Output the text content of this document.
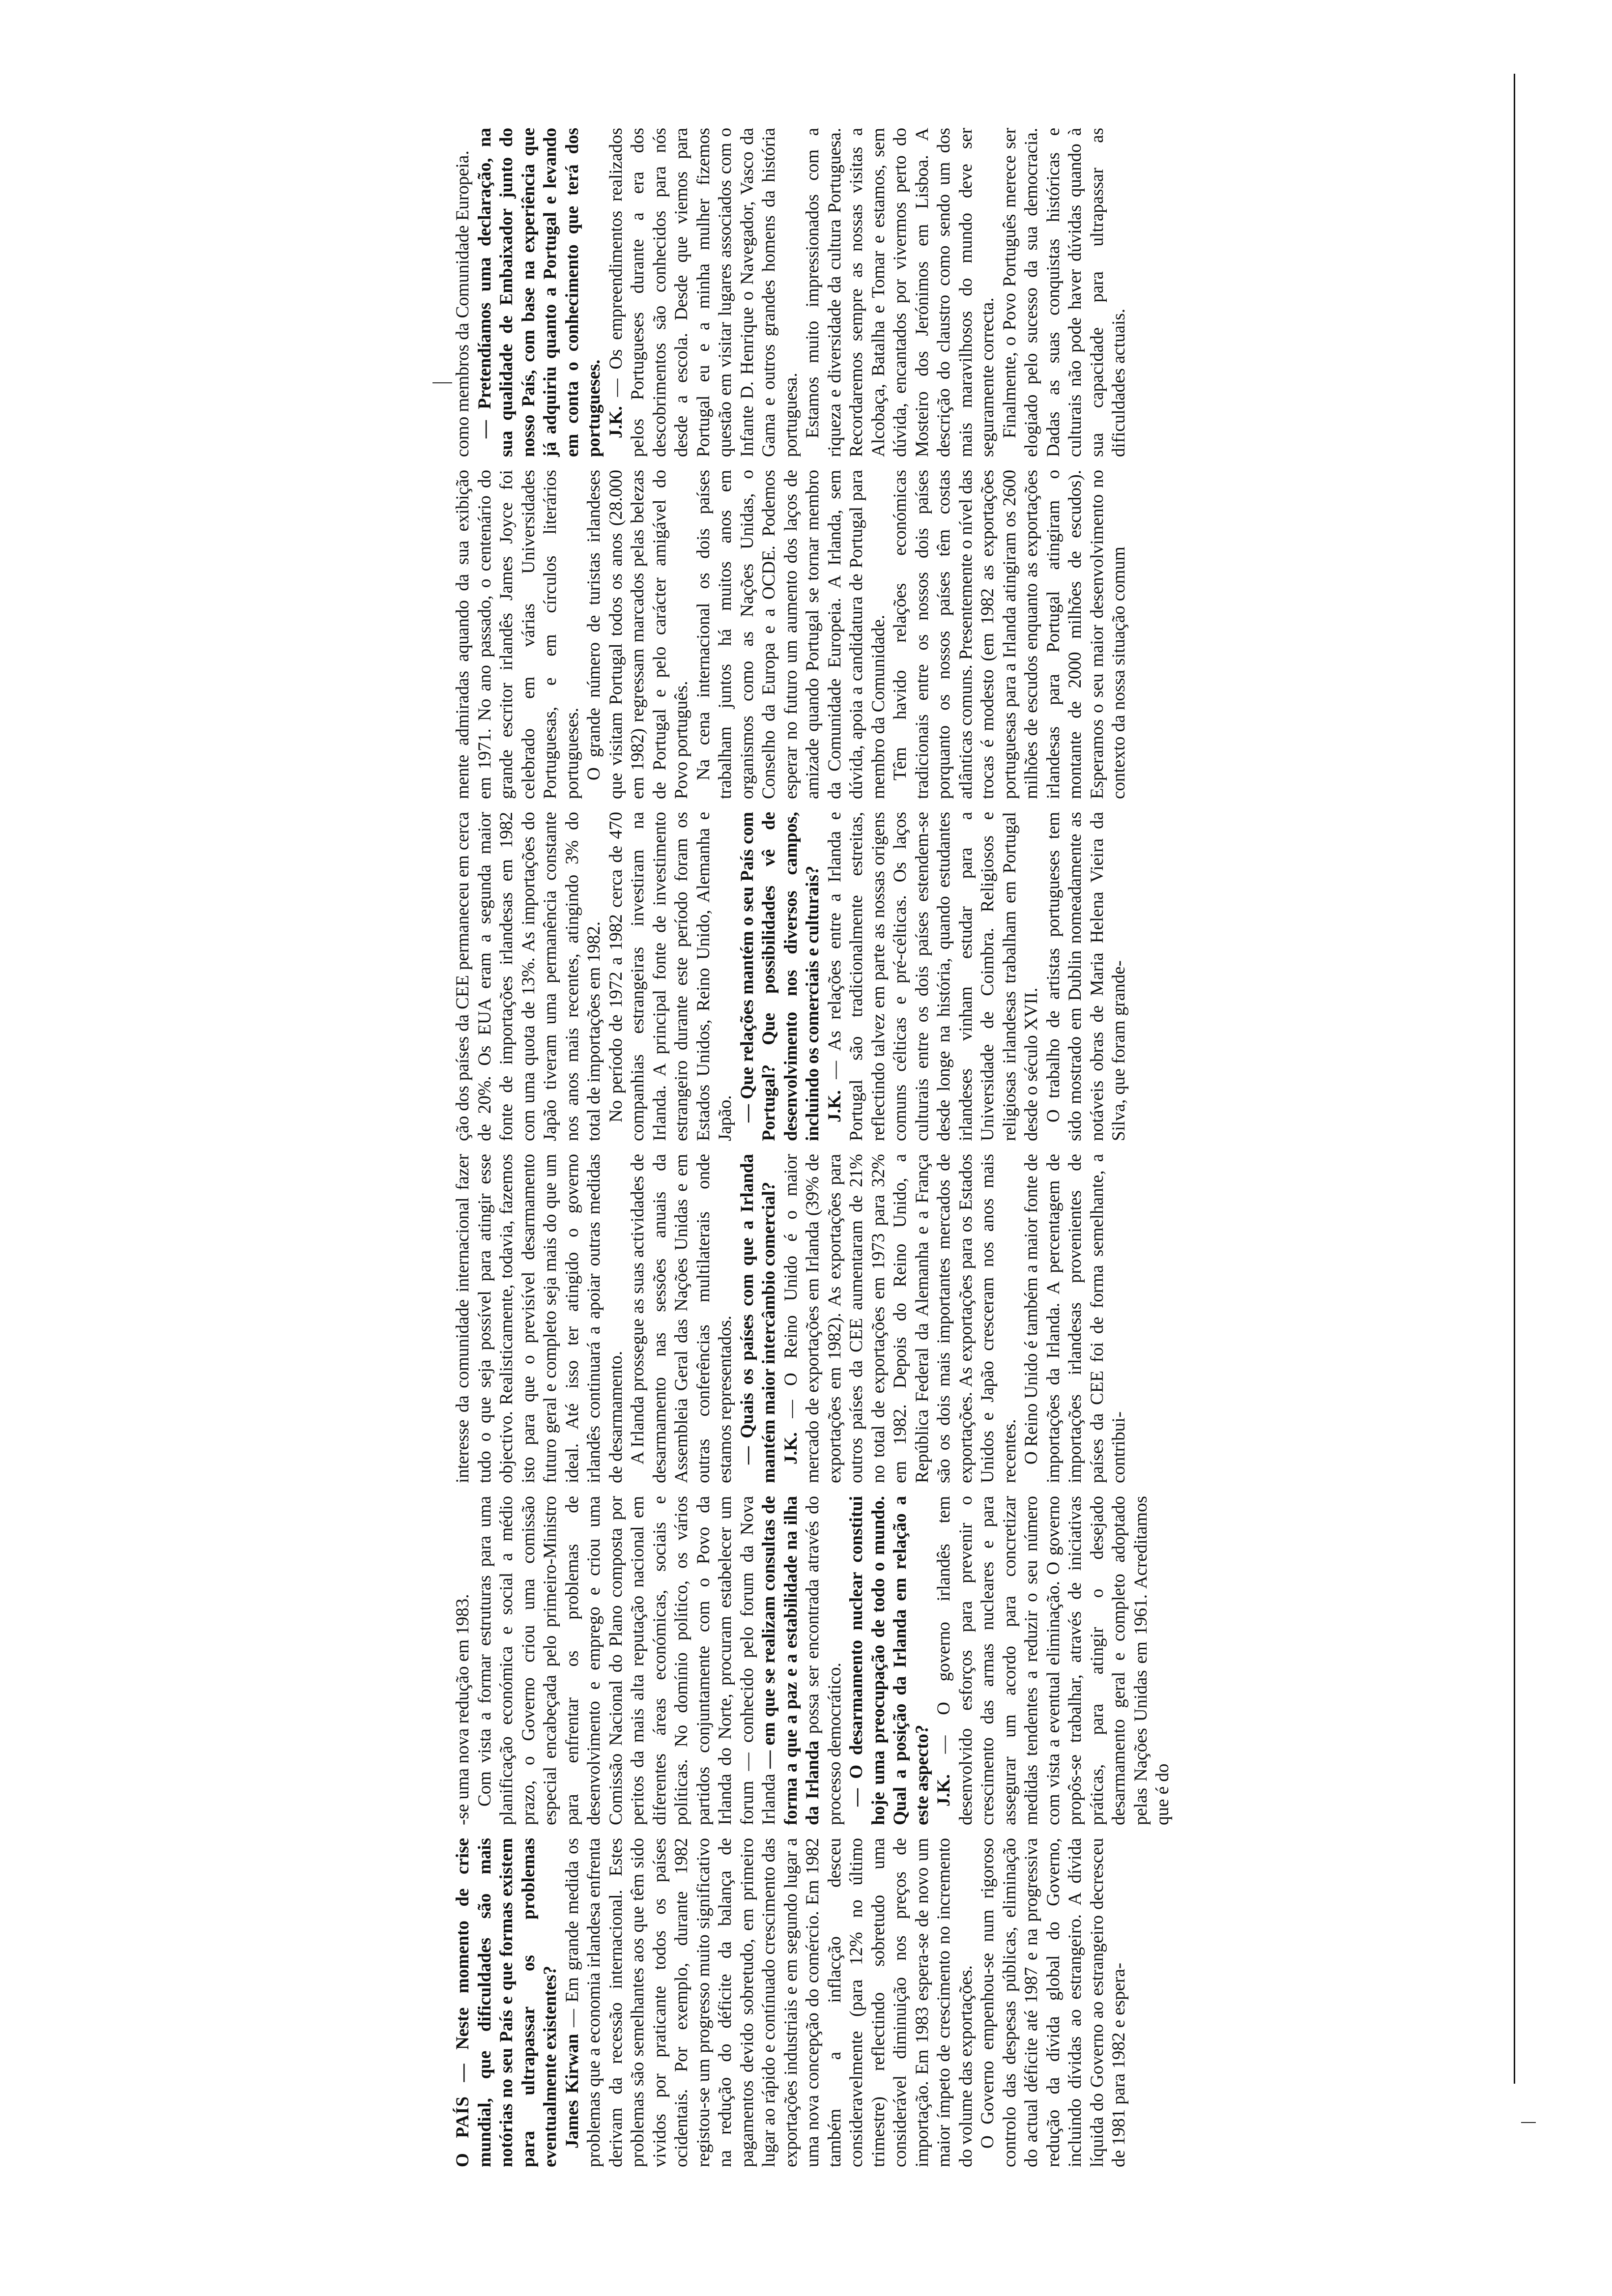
O PAÍS — Neste momento de crise mundial, que dificuldades são mais notórias no seu País e que formas existem para ultrapassar os problemas eventualmente existentes? James Kirwan — Em grande medida os problemas que a economia irlandesa enfrenta derivam da recessão internacional. Estes problemas são semelhantes aos que têm sido vividos por praticante todos os países ocidentais. Por exemplo, durante 1982 registou-se um progresso muito significativo na redução do déficite da balança de pagamentos devido sobretudo, em primeiro lugar ao rápido e contínuado crescimento das exportações industriais e em segundo lugar a uma nova concepção do comércio. Em 1982 também a inflacção desceu consideravelmente (para 12% no último trimestre) reflectindo sobretudo uma considerável diminuição nos preços de importação. Em 1983 espera-se de novo um maior ímpeto de crescimento no incremento do volume das exportações. O Governo empenhou-se num rigoroso controlo das despesas públicas, eliminação do actual déficite até 1987 e na progressiva redução da dívida global do Governo, incluindo dívidas ao estrangeiro. A dívida líquida do Governo ao estrangeiro decresceu de 1981 para 1982 e espera-

-se uma nova redução em 1983. Com vista a formar estruturas para uma planificação económica e social a médio prazo, o Governo criou uma comissão especial encabeçada pelo primeiro-Ministro para enfrentar os problemas de desenvolvimento e emprego e criou uma Comissão Nacional do Plano composta por peritos da mais alta reputação nacional em diferentes áreas económicas, sociais e políticas. No domínio político, os vários partidos conjuntamente com o Povo da Irlanda do Norte, procuram estabelecer um forum — conhecido pelo forum da Nova Irlanda — em que se realizam consultas de forma a que a paz e a estabilidade na ilha da Irlanda possa ser encontrada através do processo democrático. — O desarmamento nuclear constitui hoje uma preocupação de todo o mundo. Qual a posição da Irlanda em relação a este aspecto? J.K. — O governo irlandês tem desenvolvido esforços para prevenir o crescimento das armas nucleares e para assegurar um acordo para concretizar medidas tendentes a reduzir o seu número com vista a eventual eliminação. O governo propôs-se trabalhar, através de iniciativas práticas, para atingir o desejado desarmamento geral e completo adoptado pelas Nações Unidas em 1961. Acreditamos que é do

interesse da comunidade internacional fazer tudo o que seja possível para atingir esse objectivo. Realisticamente, todavia, fazemos isto para que o previsível desarmamento futuro geral e completo seja mais do que um ideal. Até isso ter atingido o governo irlandês continuará a apoiar outras medidas de desarmamento. A Irlanda prossegue as suas actividades de desarmamento nas sessões anuais da Assembleia Geral das Nações Unidas e em outras conferências multilaterais onde estamos representados. — Quais os países com que a Irlanda mantém maior intercâmbio comercial? J.K. — O Reino Unido é o maior mercado de exportações em Irlanda (39% de exportações em 1982). As exportações para outros países da CEE aumentaram de 21% no total de exportações em 1973 para 32% em 1982. Depois do Reino Unido, a República Federal da Alemanha e a França são os dois mais importantes mercados de exportações. As exportações para os Estados Unidos e Japão cresceram nos anos mais recentes. O Reino Unido é também a maior fonte de importações da Irlanda. A percentagem de importações irlandesas provenientes de países da CEE foi de forma semelhante, a contribui-

ção dos países da CEE permaneceu em cerca de 20%. Os EUA eram a segunda maior fonte de importações irlandesas em 1982 com uma quota de 13%. As importações do Japão tiveram uma permanência constante nos anos mais recentes, atingindo 3% do total de importações em 1982. No período de 1972 a 1982 cerca de 470 companhias estrangeiras investiram na Irlanda. A principal fonte de investimento estrangeiro durante este período foram os Estados Unidos, Reino Unido, Alemanha e Japão. — Que relações mantém o seu País com Portugal? Que possibilidades vê de desenvolvimento nos diversos campos, incluindo os comerciais e culturais? J.K. — As relações entre a Irlanda e Portugal são tradicionalmente estreitas, reflectindo talvez em parte as nossas origens comuns célticas e pré-célticas. Os laços culturais entre os dois países estendem-se desde longe na história, quando estudantes irlandeses vinham estudar para a Universidade de Coimbra. Religiosos e religiosas irlandesas trabalham em Portugal desde o século XVII. O trabalho de artistas portugueses tem sido mostrado em Dublin nomeadamente as notáveis obras de Maria Helena Vieira da Silva, que foram grande-

mente admiradas aquando da sua exibição em 1971. No ano passado, o centenário do grande escritor irlandês James Joyce foi celebrado em várias Universidades Portuguesas, e em círculos literários portugueses. O grande número de turistas irlandeses que visitam Portugal todos os anos (28.000 em 1982) regressam marcados pelas belezas de Portugal e pelo carácter amigável do Povo português. Na cena internacional os dois países trabalham juntos há muitos anos em organismos como as Nações Unidas, o Conselho da Europa e a OCDE. Podemos esperar no futuro um aumento dos laços de amizade quando Portugal se tornar membro da Comunidade Europeia. A Irlanda, sem dúvida, apoia a candidatura de Portugal para membro da Comunidade. Têm havido relações económicas tradicionais entre os nossos dois países porquanto os nossos países têm costas atlânticas comuns. Presentemente o nível das trocas é modesto (em 1982 as exportações portuguesas para a Irlanda atingiram os 2600 milhões de escudos enquanto as exportações irlandesas para Portugal atingiram o montante de 2000 milhões de escudos). Esperamos o seu maior desenvolvimento no contexto da nossa situação comum

como membros da Comunidade Europeia. — Pretendíamos uma declaração, na sua qualidade de Embaixador junto do nosso País, com base na experiência que já adquiriu quanto a Portugal e levando em conta o conhecimento que terá dos portugueses. J.K. — Os empreendimentos realizados pelos Portugueses durante a era dos descobrimentos são conhecidos para nós desde a escola. Desde que viemos para Portugal eu e a minha mulher fizemos questão em visitar lugares associados com o Infante D. Henrique o Navegador, Vasco da Gama e outros grandes homens da história portuguesa. Estamos muito impressionados com a riqueza e diversidade da cultura Portuguesa. Recordaremos sempre as nossas visitas a Alcobaça, Batalha e Tomar e estamos, sem dúvida, encantados por vivermos perto do Mosteiro dos Jerónimos em Lisboa. A descrição do claustro como sendo um dos mais maravilhosos do mundo deve ser seguramente correcta. Finalmente, o Povo Português merece ser elogiado pelo sucesso da sua democracia. Dadas as suas conquistas históricas e culturais não pode haver dúvidas quando à sua capacidade para ultrapassar as dificuldades actuais.
